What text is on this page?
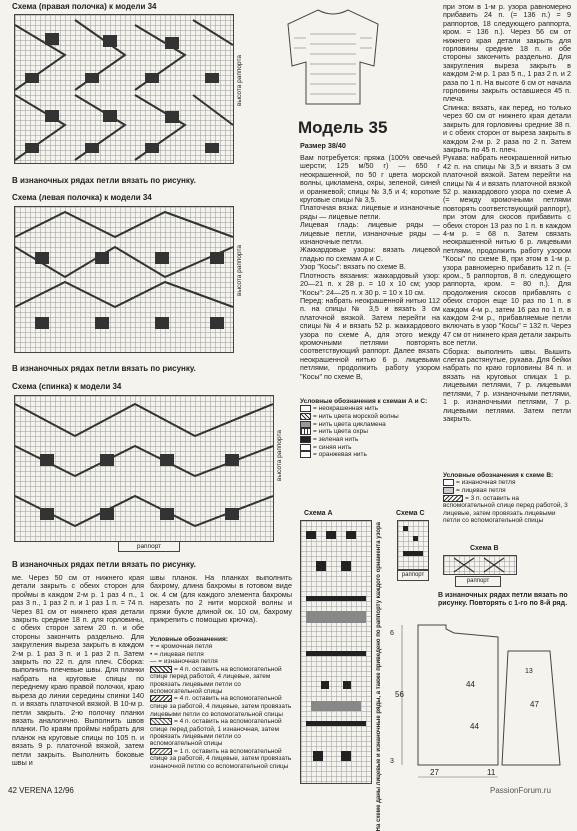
Схема (правая полочка) к модели 34
высота раппорта
В изнаночных рядах петли вязать по рисунку.
Схема (левая полочка) к модели 34
высота раппорта
В изнаночных рядах петли вязать по рисунку.
Схема (спинка) к модели 34
высота раппорта
раппорт
В изнаночных рядах петли вязать по рисунку.
Модель 35
Размер 38/40
Вам потребуется: пряжа (100% овечьей шерсти; 125 м/50 г) — 650 г неокрашенной, по 50 г цвета морской волны, цикламена, охры, зеленой, синей и оранжевой; спицы № 3,5 и 4; короткие круговые спицы № 3,5.
Платочная вязка: лицевые и изнаночные ряды — лицевые петли.
Лицевая гладь: лицевые ряды — лицевые петли, изнаночные ряды — изнаночные петли.
Жаккардовые узоры: вязать лицевой гладью по схемам А и С.
Узор "Косы": вязать по схеме В.
Плотность вязания: жаккардовый узор: 20—21 п. х 28 р. = 10 х 10 см; узор "Косы": 24—25 п. х 30 р. = 10 х 10 см.
Перед: набрать неокрашенной нитью 112 п. на спицы № 3,5 и вязать 3 см платочной вязкой. Затем перейти на спицы № 4 и вязать 52 р. жаккардового узора по схеме А, для этого между кромочными петлями повторять соответствующий раппорт. Далее вязать неокрашенной нитью 6 р. лицевыми петлями, продолжить работу узором "Косы" по схеме В,
при этом в 1-м р. узора равномерно прибавить 24 п. (= 136 п.) = 9 раппортов, 18 следующего раппорта, кром. = 136 п.). Через 56 см от нижнего края детали закрыть для горловины средние 18 п. и обе стороны закончить раздельно. Для закругления выреза закрыть в каждом 2-м р. 1 раз 5 п., 1 раз 2 п. и 2 раза по 1 п. На высоте 6 см от начала горловины закрыть оставшиеся 45 п. плеча.
Спинка: вязать, как перед, но только через 60 см от нижнего края детали закрыть для горловины средние 38 п. и с обеих сторон от выреза закрыть в каждом 2-м р. 2 раза по 2 п. Затем закрыть по 45 п. плеч.
Рукава: набрать неокрашенной нитью 42 п. на спицы № 3,5 и вязать 3 см платочной вязкой. Затем перейти на спицы № 4 и вязать платочной вязкой 52 р. жаккардового узора по схеме А (= между кромочными петлями повторять соответствующий раппорт), при этом для скосов прибавить с обеих сторон 13 раз по 1 п. в каждом 4-м р. = 68 п. Затем связать неокрашенной нитью 6 р. лицевыми петлями, продолжить работу узором "Косы" по схеме В, при этом в 1-м р. узора равномерно прибавить 12 п. (= кром., 5 раппортов, 8 п. следующего раппорта, кром. = 80 п.). Для продолжения скосов прибавлять с обеих сторон еще 10 раз по 1 п. в каждом 4-м р., затем 16 раз по 1 п. в каждом 2-м р., прибавляемые петли включать в узор "Косы" = 132 п. Через 47 см от нижнего края детали закрыть все петли.
Сборка: выполнить швы. Вышить слегка растянутые, рукава. Для бейки набрать по краю горловины 84 п. и вязать на круговых спицах 1 р. лицевыми петлями, 7 р. лицевыми петлями, 7 р. изнаночными петлями, 1 р. изнаночными петлями, 7 р. лицевыми петлями. Затем петли закрыть.
Условные обозначения к схемам А и С:
= неокрашенная нить
= нить цвета морской волны
= нить цвета цикламена
= нить цвета охры
= зеленая нить
= синяя нить
= оранжевая нить
Условные обозначения к схеме В:
= изнаночная петля
= лицевая петля
= 3 п. оставить на вспомогательной спице перед работой, 3 лицевые, затем провязать лицевыми петли со вспомогательной спицы
Схема А
На схеме даны лицевые и изнаночные ряды, а также приведено по раппорту каждого орнамента узора
Схема С
раппорт
Схема В
раппорт
В изнаночных рядах петли вязать по рисунку. Повторять с 1-го по 8-й ряд.
56
44
44
47
27	11
6
3
13
ме. Через 50 см от нижнего края детали закрыть с обеих сторон для проймы в каждом 2-м р. 1 раз 4 п., 1 раз 3 п., 1 раз 2 п. и 1 раз 1 п. = 74 п. Через 81 см от нижнего края детали закрыть средние 18 п. для горловины, с обеих сторон затем 20 п. и обе стороны закончить раздельно. Для закругления выреза закрыть в каждом 2-м р. 1 раз 3 п. и 1 раз 2 п. Затем закрыть по 22 п. для плеч. Сборка: выполнить плечевые швы. Для планки набрать на круговые спицы по переднему краю правой полочки, краю выреза до линии середины спинки 140 п. и вязать платочной вязкой. В 10-м р. петли закрыть. 2-ю полочку планки вязать аналогично. Выполнить швов планки. По краям проймы набрать для планок на круговые спицы по 105 п. и вязать 9 р. платочной вязкой, затем петли закрыть. Выполнить боковые швы и
швы планок. На планках выполнить бахрому, длина бахромы в готовом виде ок. 4 см (для каждого элемента бахромы нарезать по 2 нити морской волны и пряжи букле длиной ок. 10 см, бахрому прикрепить с помощью крючка).
Условные обозначения:
+ = кромочная петля
• = лицевая петля
— = изнаночная петля
= 4 п. оставить на вспомогательной спице перед работой, 4 лицевые, затем провязать лицевыми петли со вспомогательной спицы
= 4 п. оставить на вспомогательной спице за работой, 4 лицевые, затем провязать лицевыми петли со вспомогательной спицы
= 4 п. оставить на вспомогательной спице перед работой, 1 изнаночная, затем провязать лицевыми петли со вспомогательной спицы
= 1 п. оставить на вспомогательной спице за работой, 4 лицевые, затем провязать изнаночной петлю со вспомогательной спицы
42 VERENA 12/96	PassionForum.ru
